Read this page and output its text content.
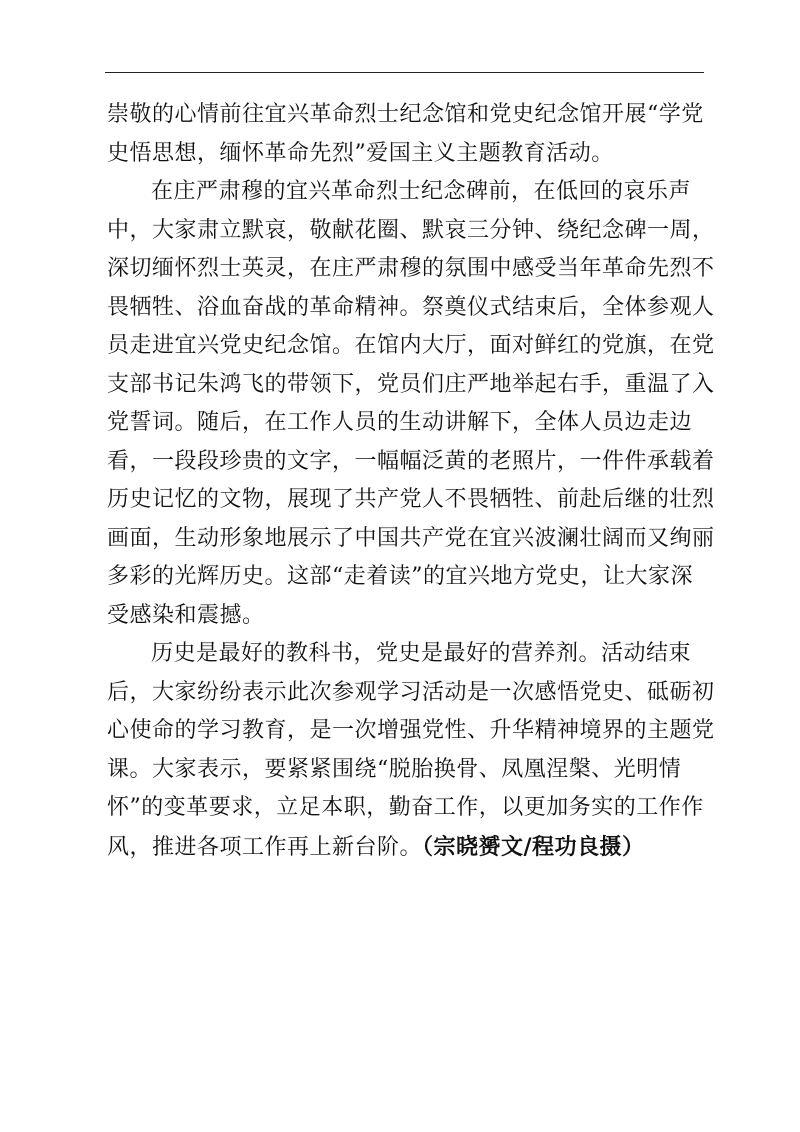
崇敬的心情前往宜兴革命烈士纪念馆和党史纪念馆开展“学党
史悟思想，缅怀革命先烈”爱国主义主题教育活动。

在庄严肃穆的宜兴革命烈士纪念碑前，在低回的哀乐声
中，大家肃立默哀，敬献花圈、默哀三分钟、绕纪念碑一周，
深切缅怀烈士英灵，在庄严肃穆的氛围中感受当年革命先烈不
畏牺牲、浴血奋战的革命精神。祭奠仪式结束后，全体参观人
员走进宜兴党史纪念馆。在馆内大厅，面对鲜红的党旗，在党
支部书记朱鸿飞的带领下，党员们庄严地举起右手，重温了入
党誓词。随后，在工作人员的生动讲解下，全体人员边走边
看，一段段珍贵的文字，一幅幅泛黄的老照片，一件件承载着
历史记忆的文物，展现了共产党人不畏牺牲、前赴后继的壮烈
画面，生动形象地展示了中国共产党在宜兴波澜壮阔而又绚丽
多彩的光辉历史。这部“走着读”的宜兴地方党史，让大家深
受感染和震撼。

历史是最好的教科书，党史是最好的营养剂。活动结束
后，大家纷纷表示此次参观学习活动是一次感悟党史、砥砺初
心使命的学习教育，是一次增强党性、升华精神境界的主题党
课。大家表示，要紧紧围绕“脱胎换骨、凤凰涅槃、光明情
怀”的变革要求，立足本职，勤奋工作，以更加务实的工作作
风，推进各项工作再上新台阶。（宗晓赟文/程功良摄）
